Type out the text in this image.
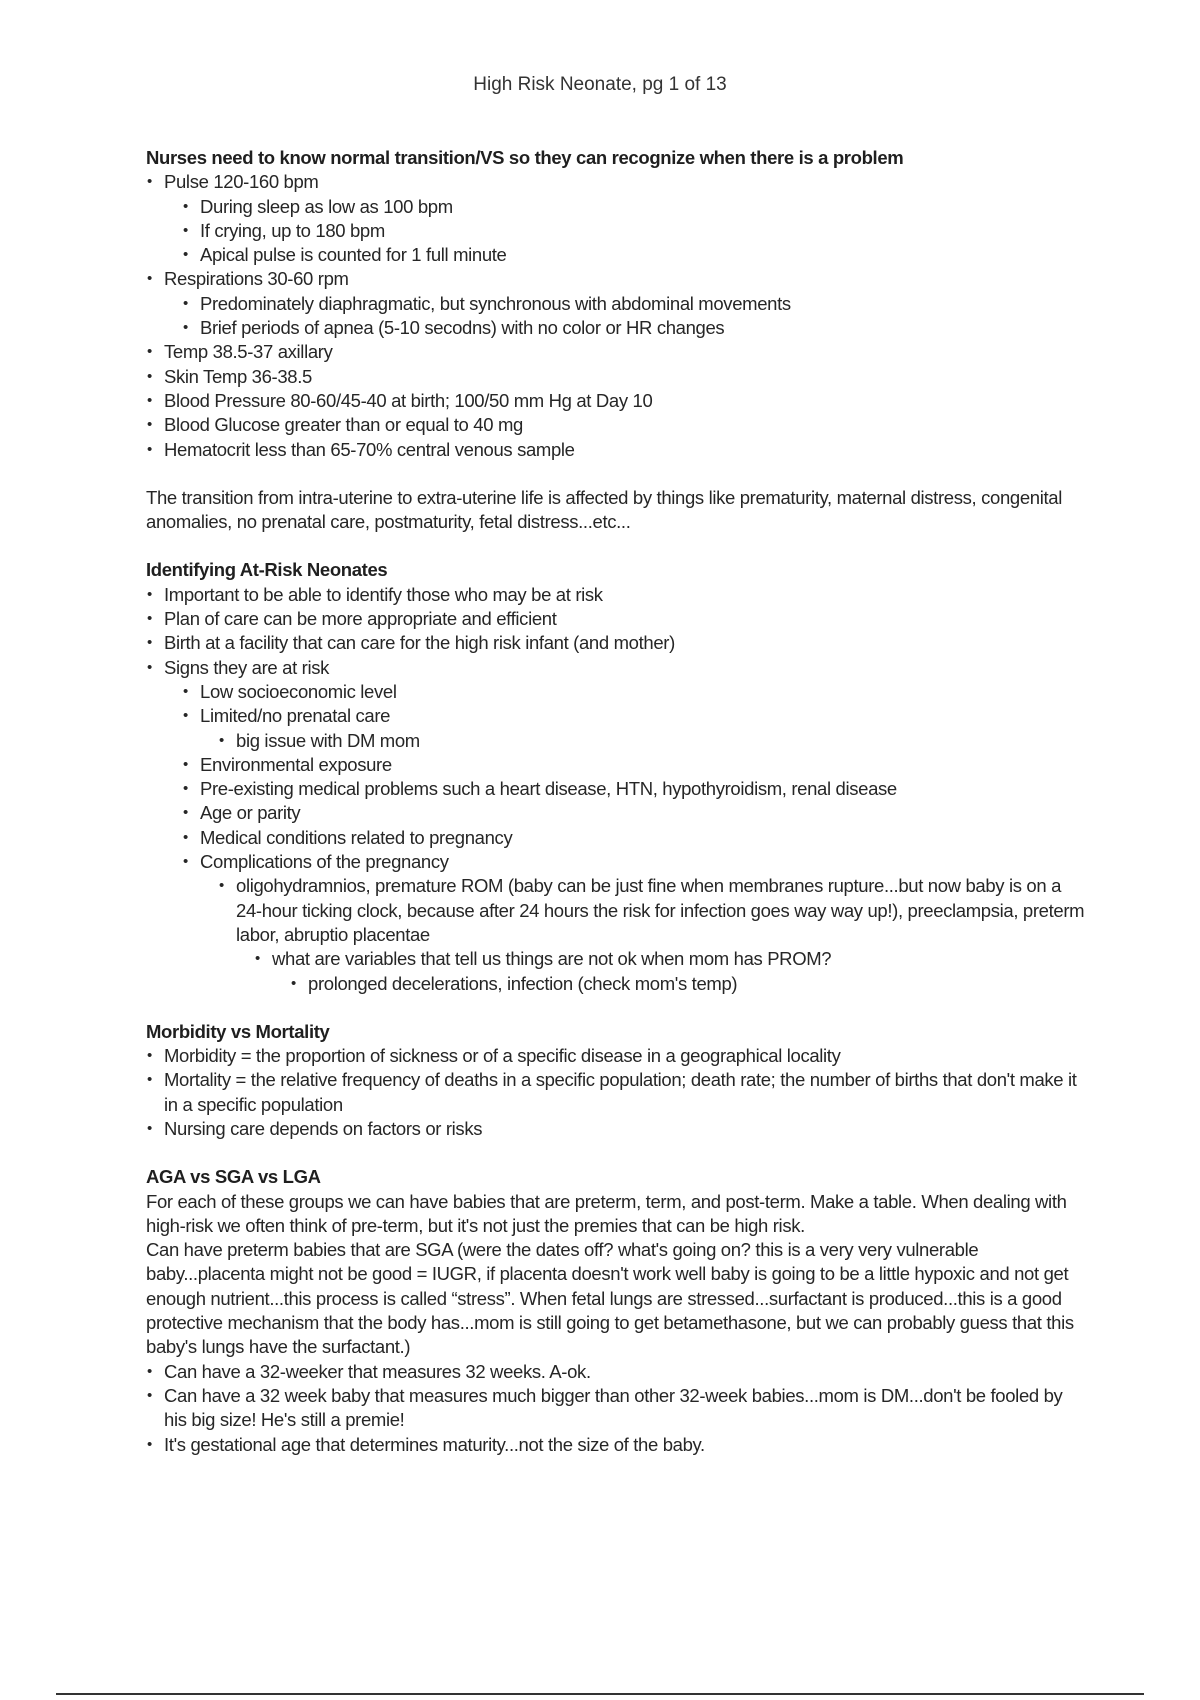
High Risk Neonate, pg 1 of 13
Nurses need to know normal transition/VS so they can recognize when there is a problem
• Pulse 120-160 bpm
• During sleep as low as 100 bpm
• If crying, up to 180 bpm
• Apical pulse is counted for 1 full minute
• Respirations 30-60 rpm
• Predominately diaphragmatic, but synchronous with abdominal movements
• Brief periods of apnea (5-10 secodns) with no color or HR changes
• Temp 38.5-37 axillary
• Skin Temp 36-38.5
• Blood Pressure 80-60/45-40 at birth; 100/50 mm Hg at Day 10
• Blood Glucose greater than or equal to 40 mg
• Hematocrit less than 65-70% central venous sample

The transition from intra-uterine to extra-uterine life is affected by things like prematurity, maternal distress, congenital anomalies, no prenatal care, postmaturity, fetal distress...etc...

Identifying At-Risk Neonates
• Important to be able to identify those who may be at risk
• Plan of care can be more appropriate and efficient
• Birth at a facility that can care for the high risk infant (and mother)
• Signs they are at risk
• Low socioeconomic level
• Limited/no prenatal care
• big issue with DM mom
• Environmental exposure
• Pre-existing medical problems such a heart disease, HTN, hypothyroidism, renal disease
• Age or parity
• Medical conditions related to pregnancy
• Complications of the pregnancy
• oligohydramnios, premature ROM (baby can be just fine when membranes rupture...but now baby is on a 24-hour ticking clock, because after 24 hours the risk for infection goes way way up!), preeclampsia, preterm labor, abruptio placentae
• what are variables that tell us things are not ok when mom has PROM?
• prolonged decelerations, infection (check mom's temp)
Morbidity vs Mortality
• Morbidity = the proportion of sickness or of a specific disease in a geographical locality
• Mortality = the relative frequency of deaths in a specific population; death rate; the number of births that don't make it in a specific population
• Nursing care depends on factors or risks
AGA vs SGA vs LGA

For each of these groups we can have babies that are preterm, term, and post-term. Make a table. When dealing with high-risk we often think of pre-term, but it's not just the premies that can be high risk.

Can have preterm babies that are SGA (were the dates off? what's going on? this is a very very vulnerable baby...placenta might not be good = IUGR, if placenta doesn't work well baby is going to be a little hypoxic and not get enough nutrient...this process is called “stress”. When fetal lungs are stressed...surfactant is produced...this is a good protective mechanism that the body has...mom is still going to get betamethasone, but we can probably guess that this baby's lungs have the surfactant.)

• Can have a 32-weeker that measures 32 weeks. A-ok.
• Can have a 32 week baby that measures much bigger than other 32-week babies...mom is DM...don't be fooled by his big size! He's still a premie!
• It's gestational age that determines maturity...not the size of the baby.
